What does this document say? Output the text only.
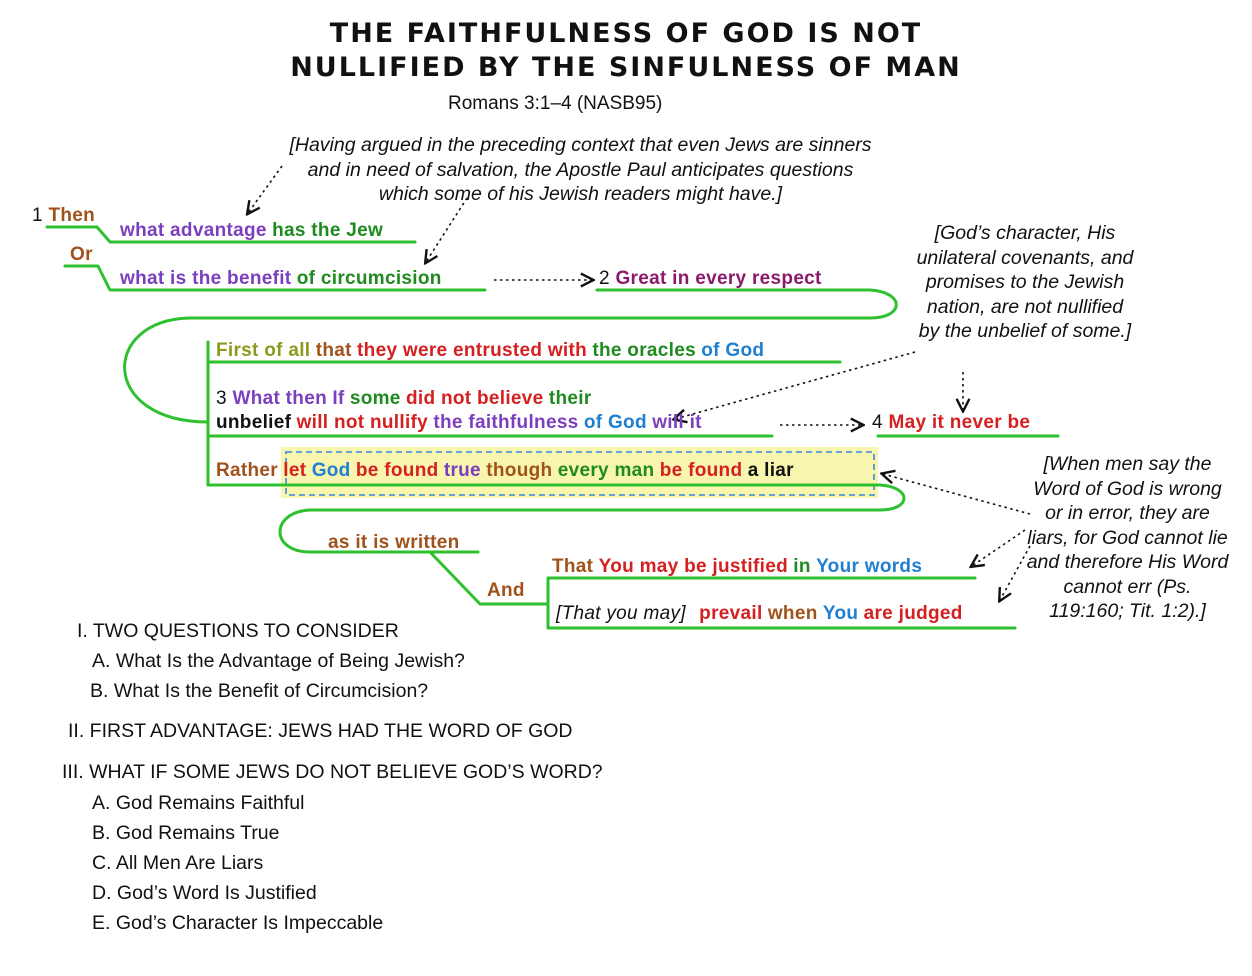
THE FAITHFULNESS OF GOD IS NOT
NULLIFIED BY THE SINFULNESS OF MAN
Romans 3:1–4 (NASB95)
[Having argued in the preceding context that even Jews are sinners and in need of salvation, the Apostle Paul anticipates questions which some of his Jewish readers might have.]
[God’s character, His unilateral covenants, and promises to the Jewish nation, are not nullified by the unbelief of some.]
[When men say the Word of God is wrong or in error, they are liars, for God cannot lie and therefore His Word cannot err (Ps. 119:160; Tit. 1:2).]
1 Then
what advantage has the Jew
Or
what is the benefit of circumcision	2 Great in every respect
First of all that they were entrusted with the oracles of God
3 What then If some did not believe their
unbelief will not nullify the faithfulness of God will it	4 May it never be
Rather let God be found true though every man be found a liar
as it is written
And
That You may be justified in Your words
[That you may] prevail when You are judged
I. TWO QUESTIONS TO CONSIDER
A. What Is the Advantage of Being Jewish?
B. What Is the Benefit of Circumcision?
II. FIRST ADVANTAGE: JEWS HAD THE WORD OF GOD
III. WHAT IF SOME JEWS DO NOT BELIEVE GOD’S WORD?
A. God Remains Faithful
B. God Remains True
C. All Men Are Liars
D. God’s Word Is Justified
E. God’s Character Is Impeccable
